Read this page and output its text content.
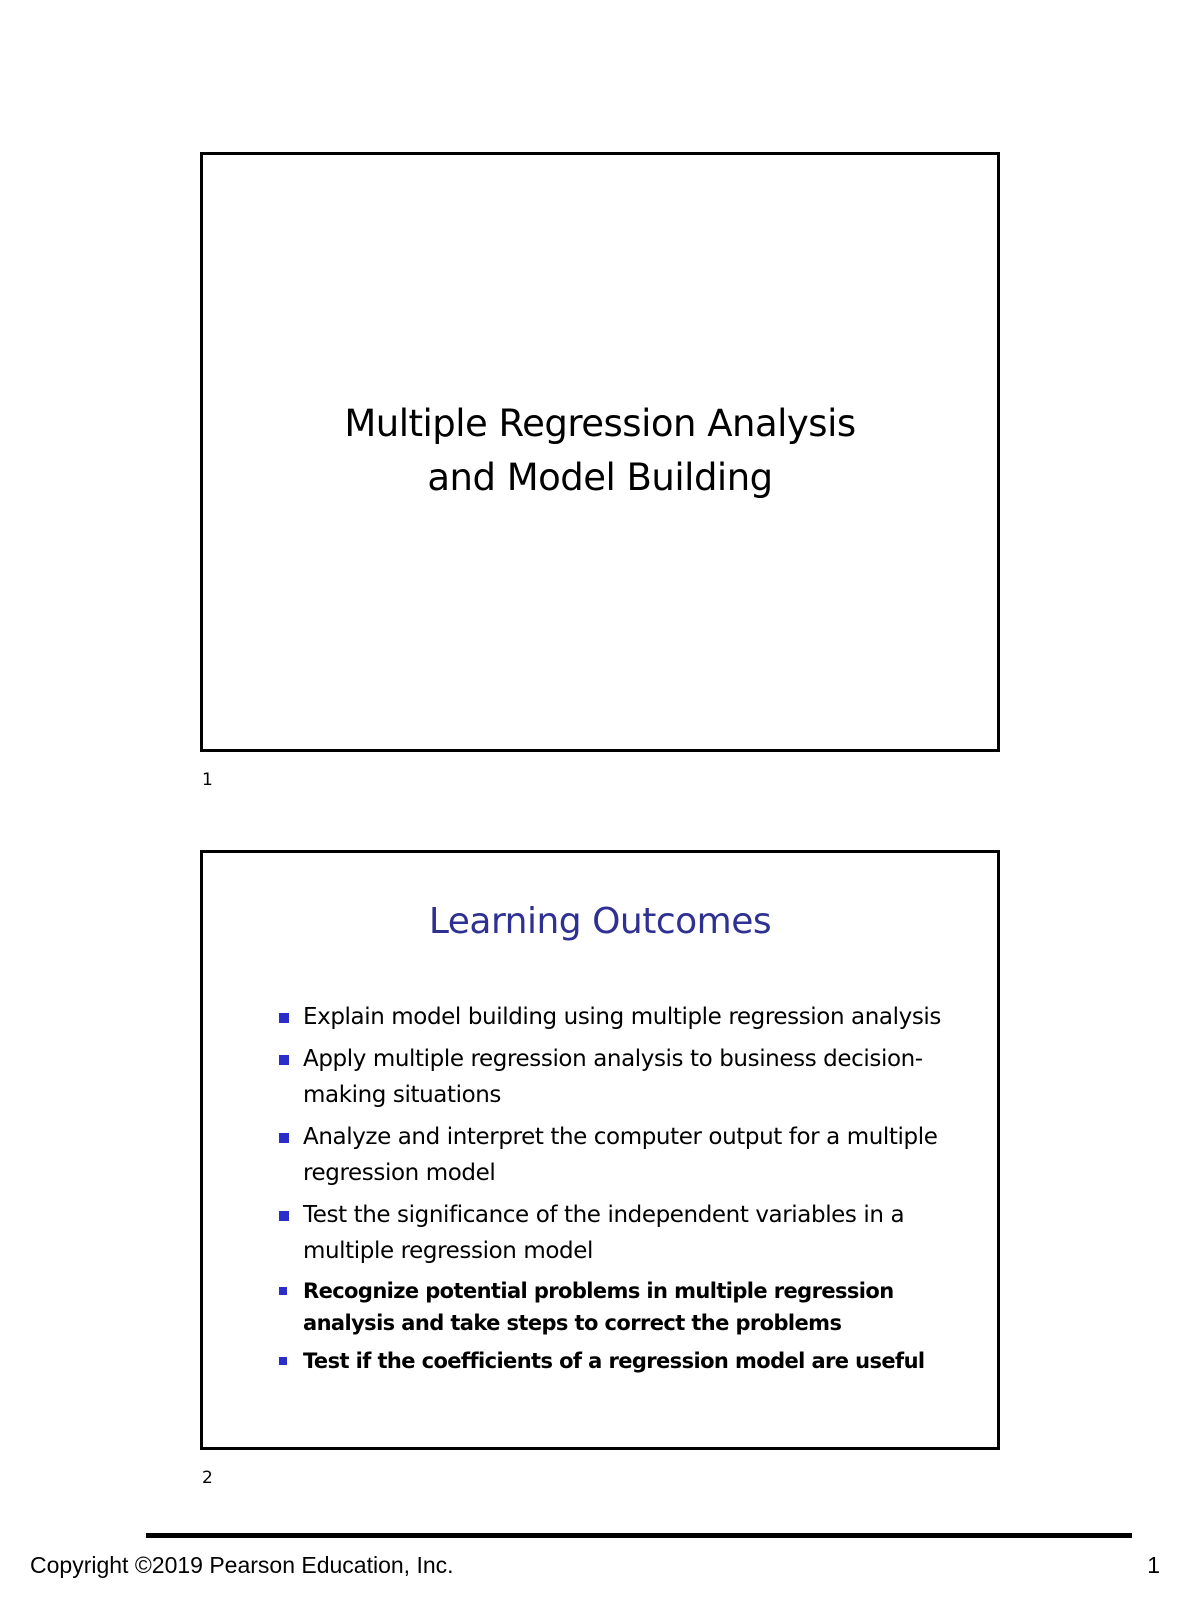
Multiple Regression Analysis
and Model Building
1
Learning Outcomes
Explain model building using multiple regression analysis
Apply multiple regression analysis to business decision-making situations
Analyze and interpret the computer output for a multiple regression model
Test the significance of the independent variables in a multiple regression model
Recognize potential problems in multiple regression analysis and take steps to correct the problems
Test if the coefficients of a regression model are useful
2
Copyright ©2019 Pearson Education, Inc.	1
